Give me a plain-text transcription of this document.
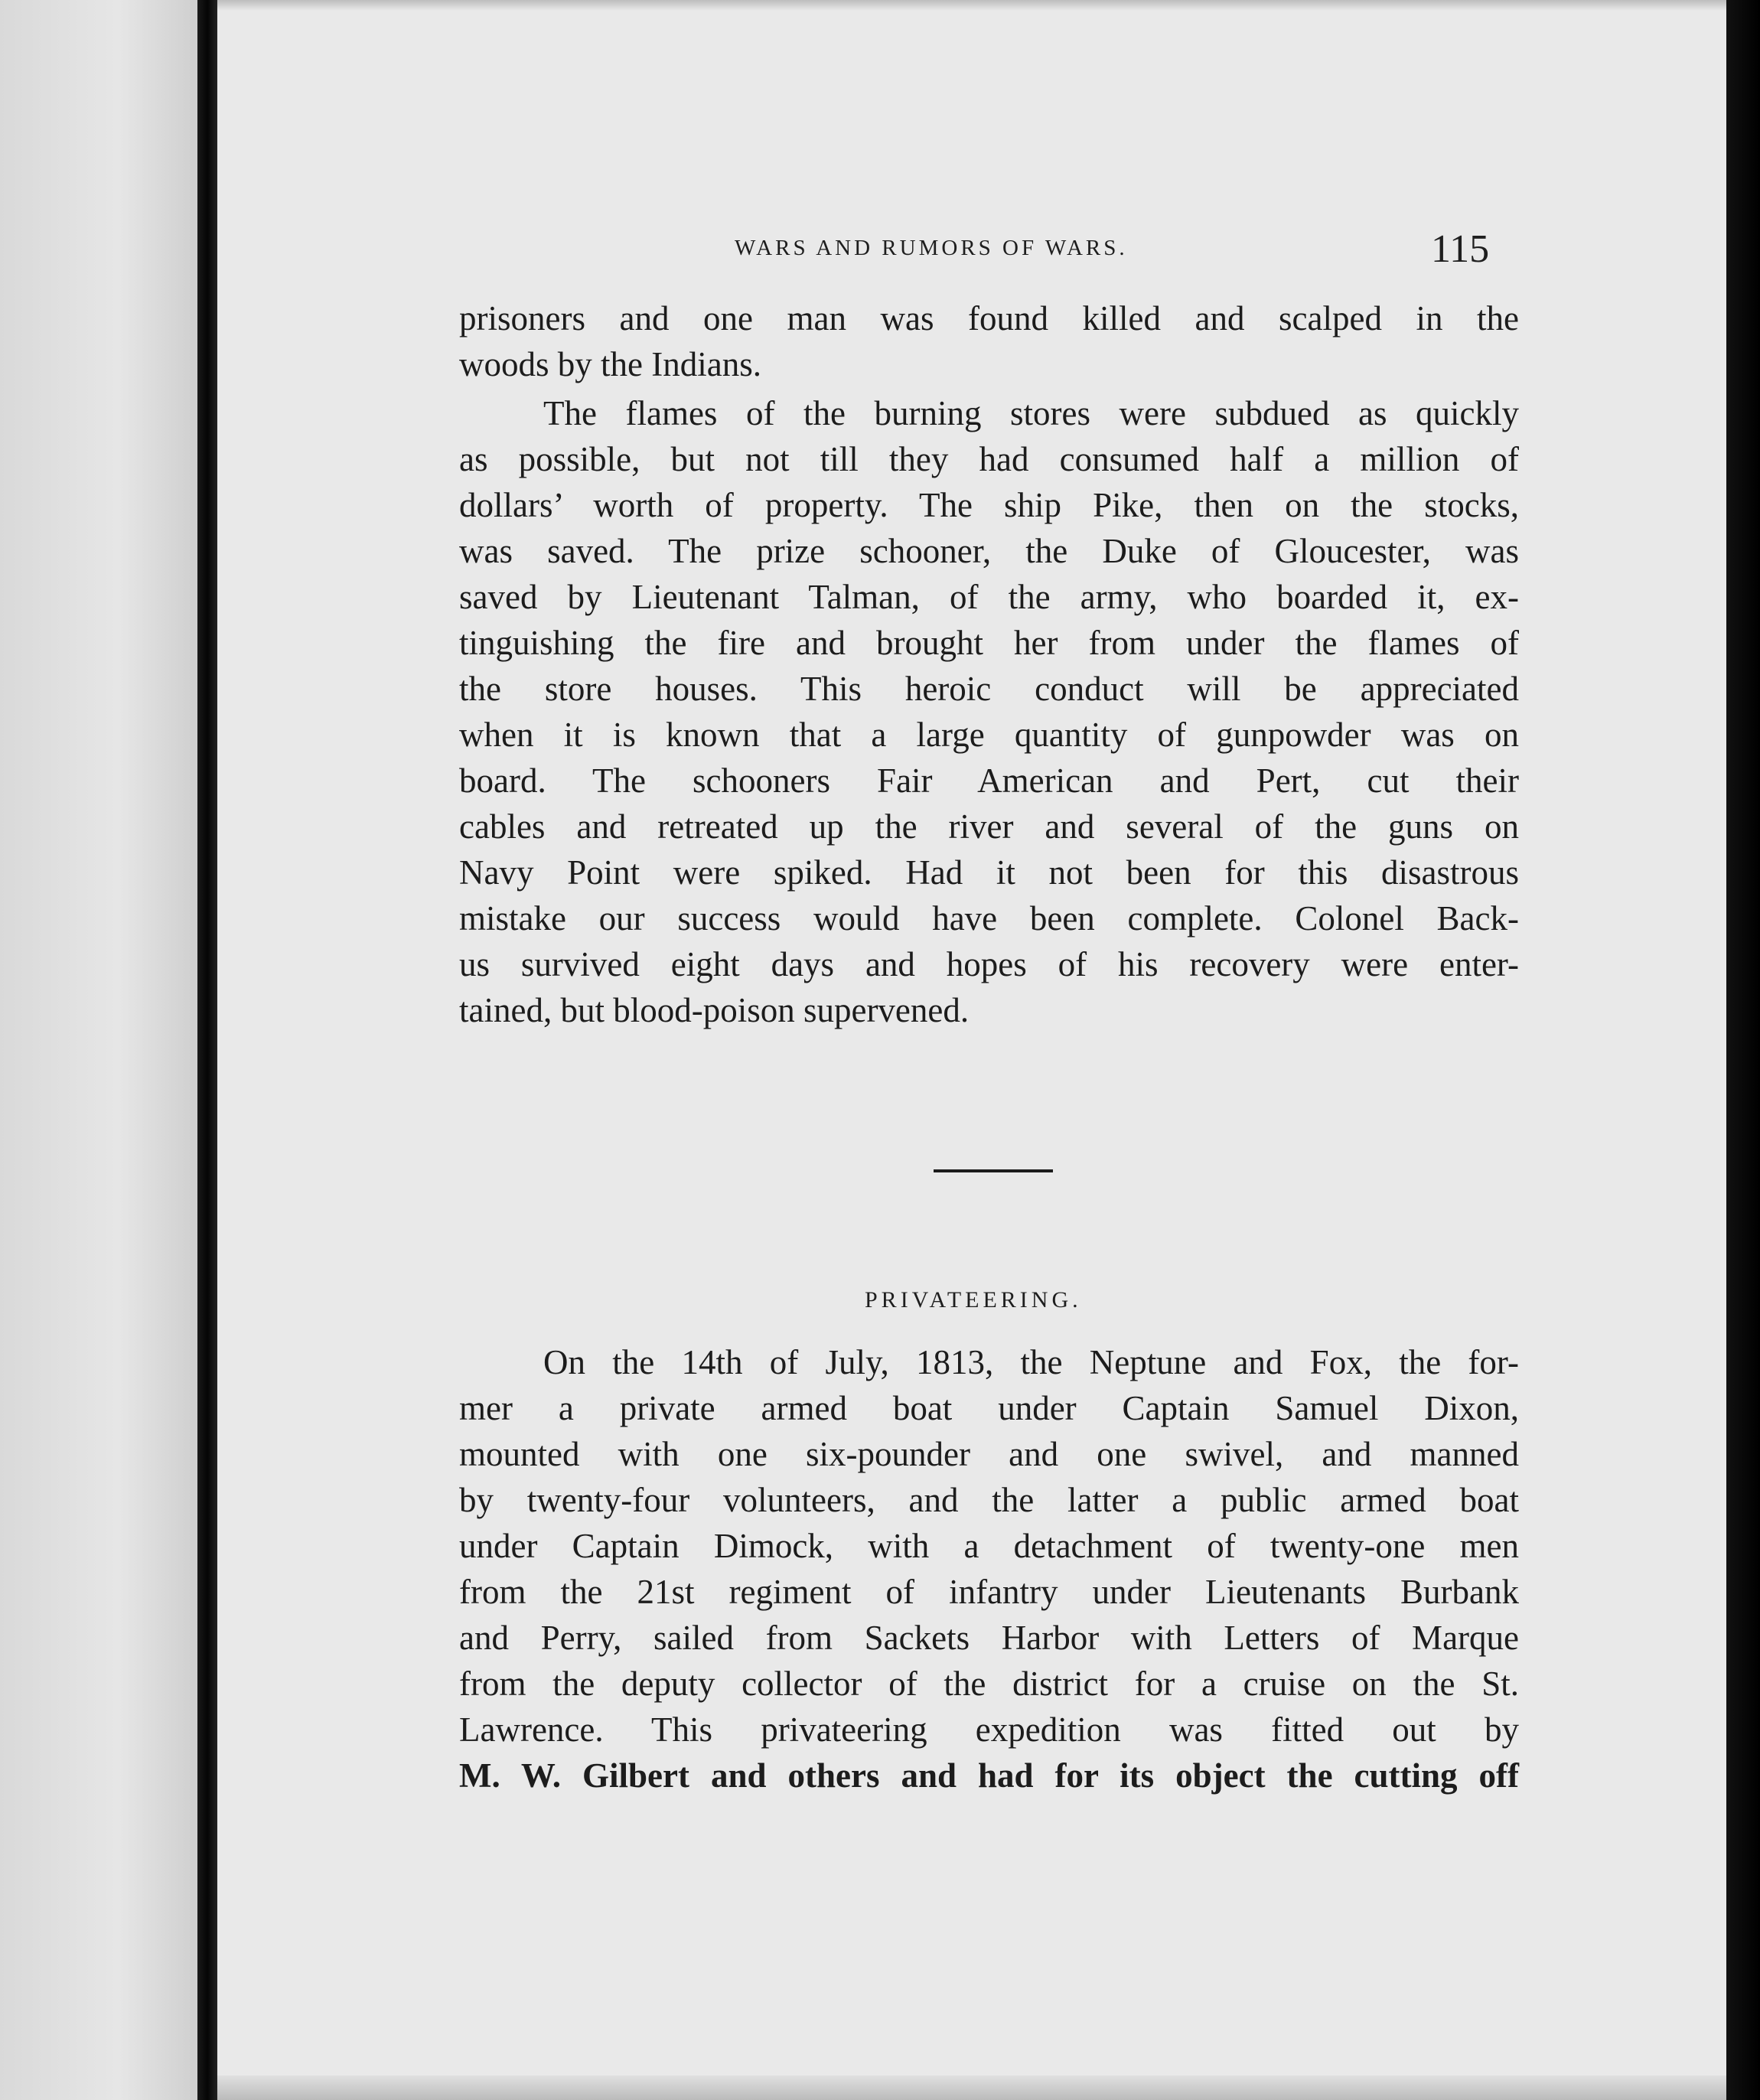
WARS AND RUMORS OF WARS.	115

prisoners and one man was found killed and scalped in the

woods by the Indians.

The flames of the burning stores were subdued as quickly

as possible, but not till they had consumed half a million of

dollars’ worth of property. The ship Pike, then on the stocks,

was saved. The prize schooner, the Duke of Gloucester, was

saved by Lieutenant Talman, of the army, who boarded it, ex-

tinguishing the fire and brought her from under the flames of

the store houses. This heroic conduct will be appreciated

when it is known that a large quantity of gunpowder was on

board. The schooners Fair American and Pert, cut their

cables and retreated up the river and several of the guns on

Navy Point were spiked. Had it not been for this disastrous

mistake our success would have been complete. Colonel Back-

us survived eight days and hopes of his recovery were enter-

tained, but blood-poison supervened.

PRIVATEERING.

On the 14th of July, 1813, the Neptune and Fox, the for-

mer a private armed boat under Captain Samuel Dixon,

mounted with one six-pounder and one swivel, and manned

by twenty-four volunteers, and the latter a public armed boat

under Captain Dimock, with a detachment of twenty-one men

from the 21st regiment of infantry under Lieutenants Burbank

and Perry, sailed from Sackets Harbor with Letters of Marque

from the deputy collector of the district for a cruise on the St.

Lawrence. This privateering expedition was fitted out by

M. W. Gilbert and others and had for its object the cutting off
